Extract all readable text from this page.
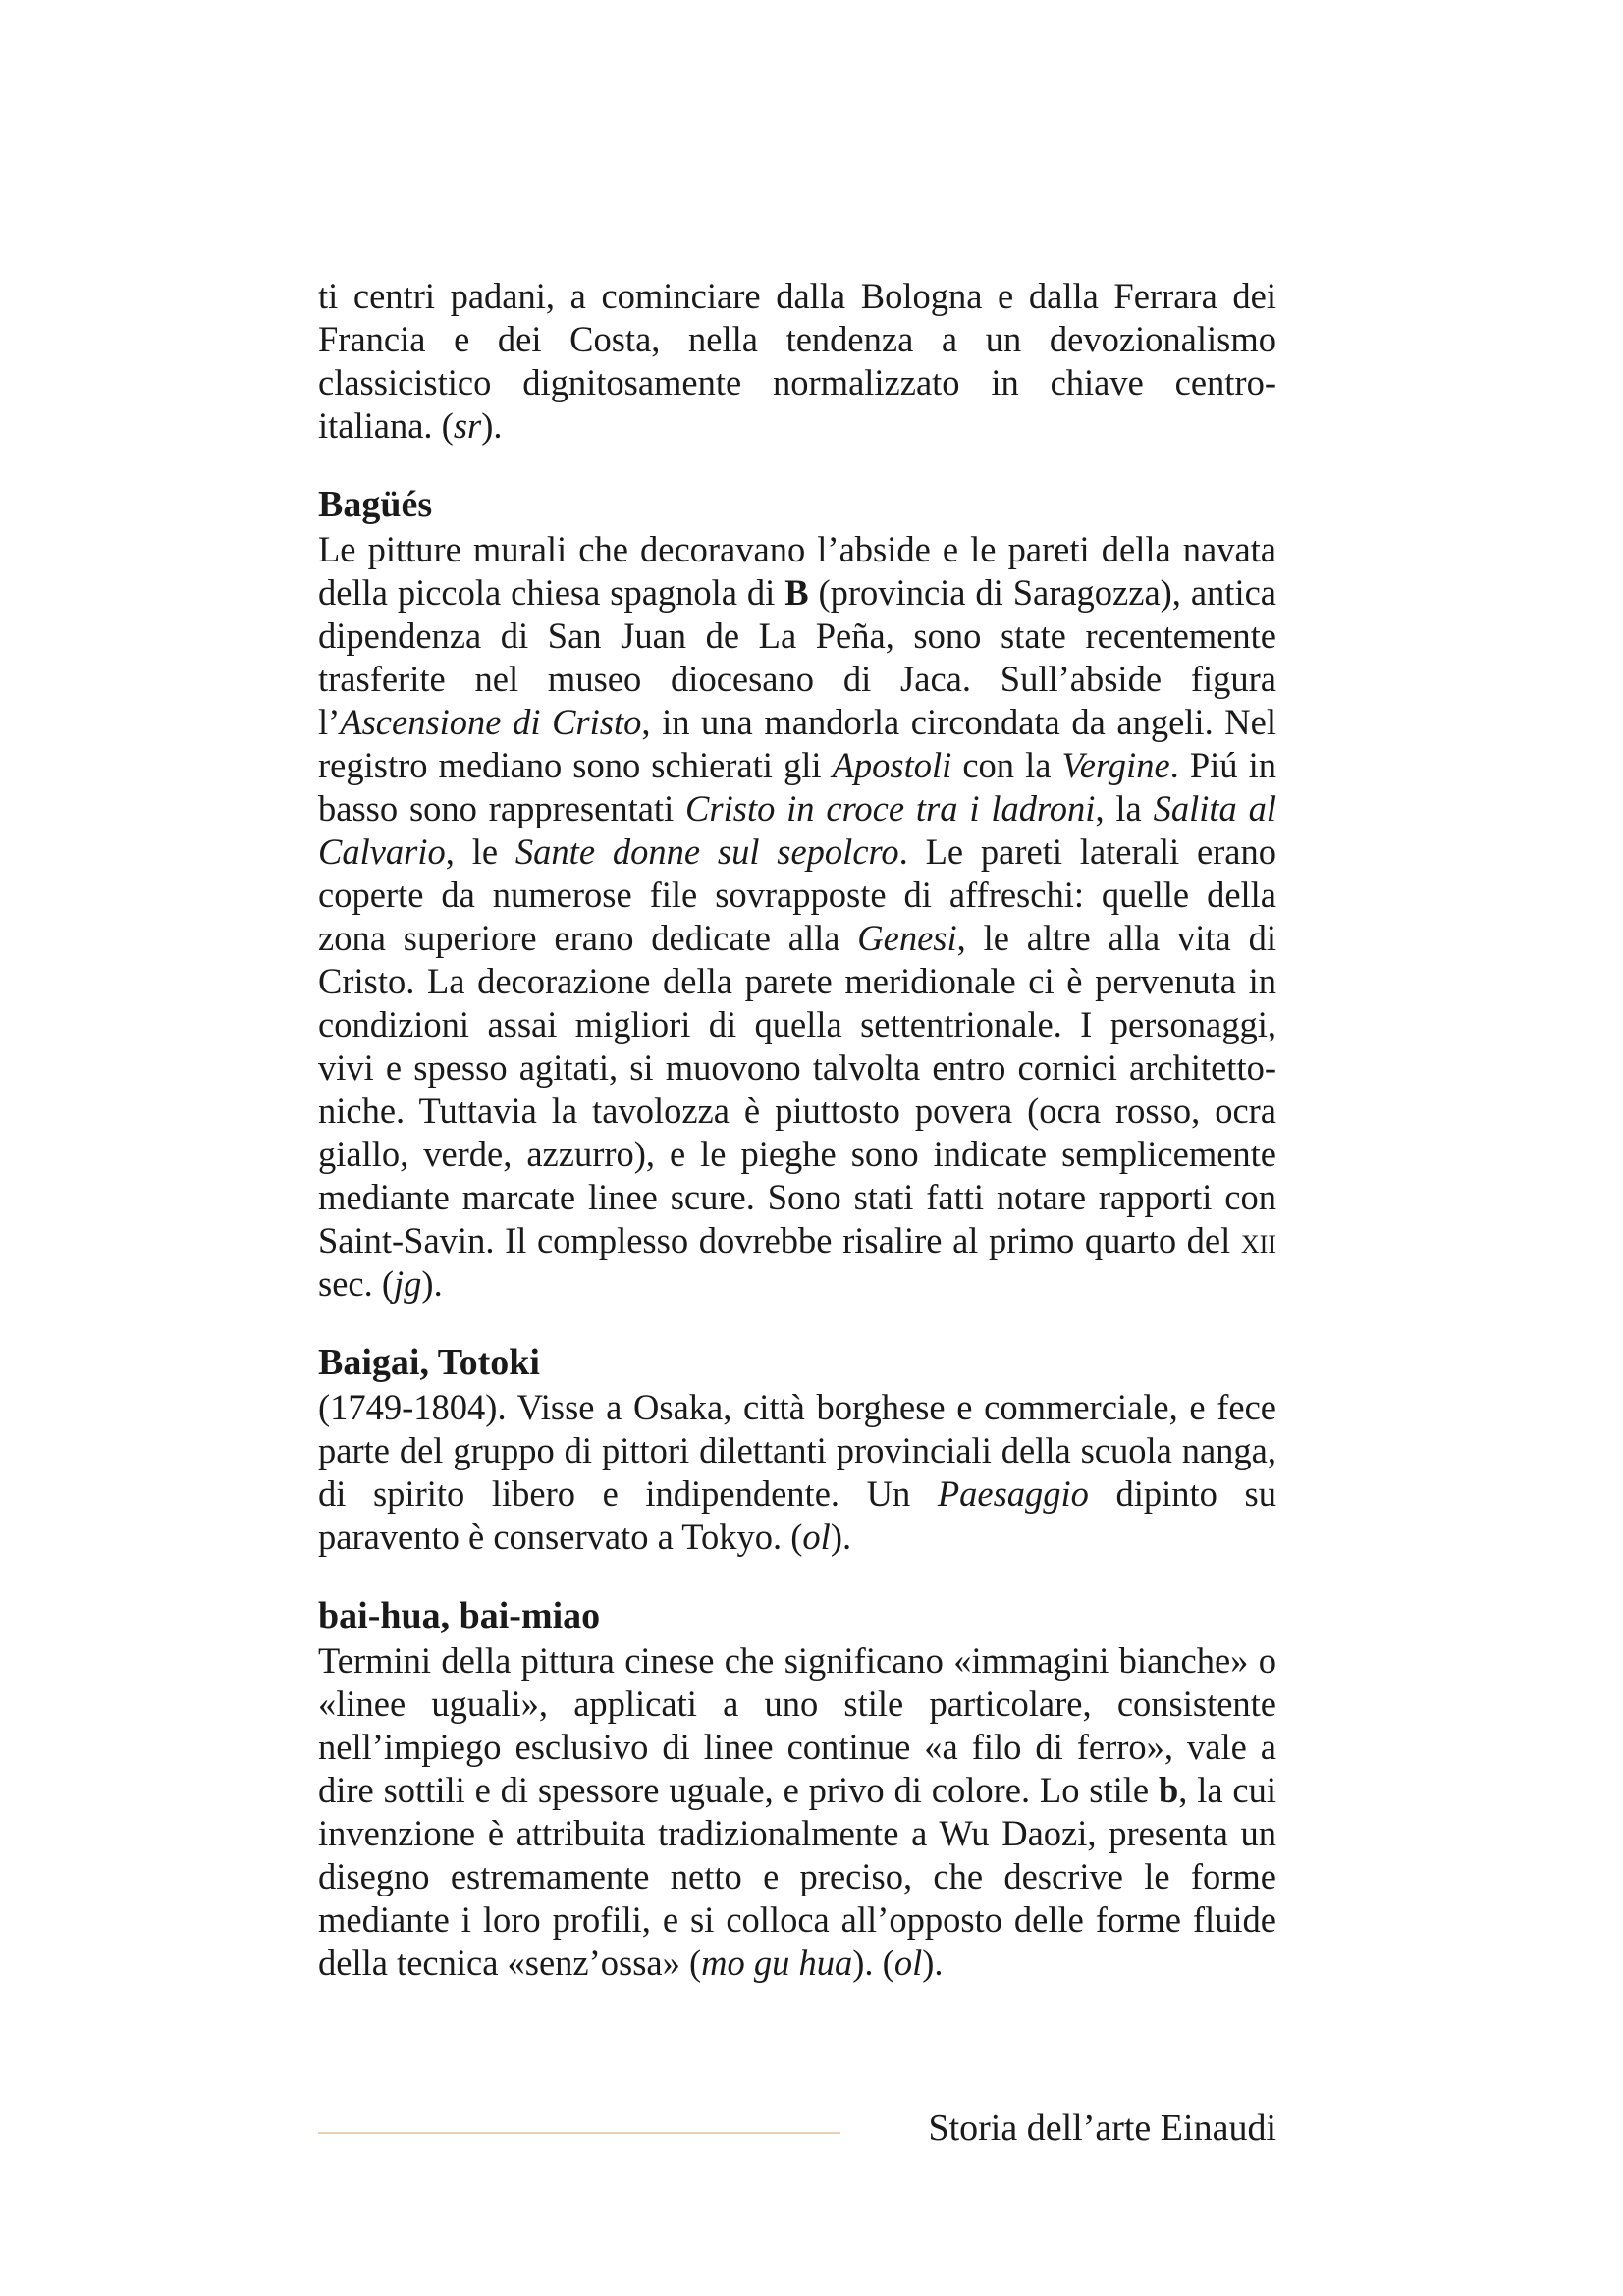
ti centri padani, a cominciare dalla Bologna e dalla Ferrara dei Francia e dei Costa, nella tendenza a un devozionalismo classicistico dignitosamente normalizzato in chiave centro-italiana. (sr).

Bagüés

Le pitture murali che decoravano l’abside e le pareti della navata della piccola chiesa spagnola di B (provincia di Saragozza), antica dipendenza di San Juan de La Peña, sono state recentemente trasferite nel museo diocesano di Jaca. Sull’abside figura l’Ascensione di Cristo, in una mandorla circondata da angeli. Nel registro mediano sono schierati gli Apostoli con la Vergine. Piú in basso sono rappresentati Cristo in croce tra i ladroni, la Salita al Calvario, le Sante donne sul sepolcro. Le pareti laterali erano coperte da numerose file sovrapposte di affreschi: quelle della zona superiore erano dedicate alla Genesi, le altre alla vita di Cristo. La decorazione della parete meridionale ci è pervenuta in condizioni assai migliori di quella settentrionale. I personaggi, vivi e spesso agitati, si muovono talvolta entro cornici architettoniche. Tuttavia la tavolozza è piuttosto povera (ocra rosso, ocra giallo, verde, azzurro), e le pieghe sono indicate semplicemente mediante marcate linee scure. Sono stati fatti notare rapporti con Saint-Savin. Il complesso dovrebbe risalire al primo quarto del xii sec. (jg).

Baigai, Totoki

(1749-1804). Visse a Osaka, città borghese e commerciale, e fece parte del gruppo di pittori dilettanti provinciali della scuola nanga, di spirito libero e indipendente. Un Paesaggio dipinto su paravento è conservato a Tokyo. (ol).

bai-hua, bai-miao

Termini della pittura cinese che significano «immagini bianche» o «linee uguali», applicati a uno stile particolare, consistente nell’impiego esclusivo di linee continue «a filo di ferro», vale a dire sottili e di spessore uguale, e privo di colore. Lo stile b, la cui invenzione è attribuita tradizionalmente a Wu Daozi, presenta un disegno estremamente netto e preciso, che descrive le forme mediante i loro profili, e si colloca all’opposto delle forme fluide della tecnica «senz’ossa» (mo gu hua). (ol).

Storia dell’arte Einaudi
